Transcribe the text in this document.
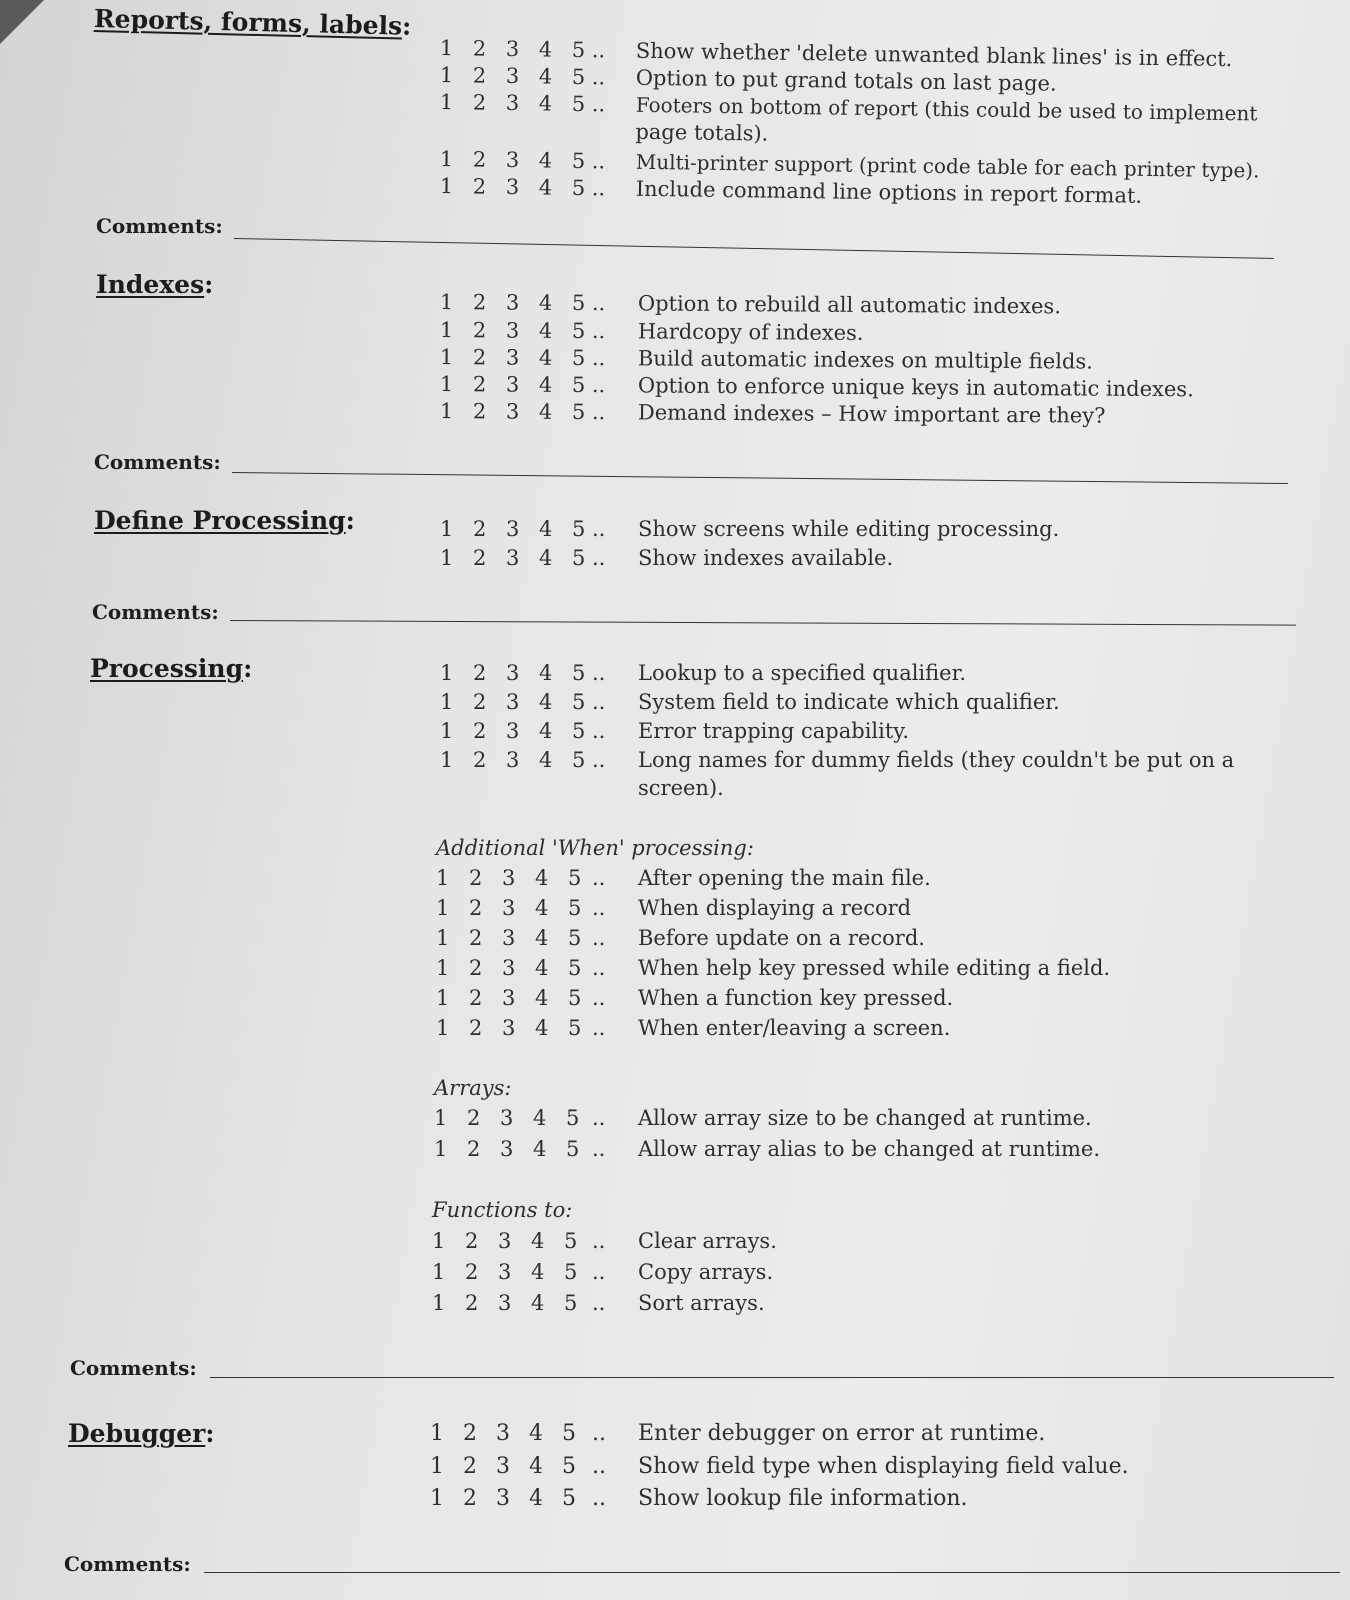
Reports, forms, labels:
1 2 3 4 5 .. Show whether 'delete unwanted blank lines' is in effect.
1 2 3 4 5 .. Option to put grand totals on last page.
1 2 3 4 5 .. Footers on bottom of report (this could be used to implement
page totals).
1 2 3 4 5 .. Multi-printer support (print code table for each printer type).
1 2 3 4 5 .. Include command line options in report format.
Comments:
Indexes:
1 2 3 4 5 .. Option to rebuild all automatic indexes.
1 2 3 4 5 .. Hardcopy of indexes.
1 2 3 4 5 .. Build automatic indexes on multiple fields.
1 2 3 4 5 .. Option to enforce unique keys in automatic indexes.
1 2 3 4 5 .. Demand indexes – How important are they?
Comments:
Define Processing:	1 2 3 4 5 .. Show screens while editing processing.
1 2 3 4 5 .. Show indexes available.
Comments:
Processing:	1 2 3 4 5 .. Lookup to a specified qualifier.
1 2 3 4 5 .. System field to indicate which qualifier.
1 2 3 4 5 .. Error trapping capability.
1 2 3 4 5 .. Long names for dummy fields (they couldn't be put on a
screen).
Additional 'When' processing:
1 2 3 4 5 .. After opening the main file.
1 2 3 4 5 .. When displaying a record
1 2 3 4 5 .. Before update on a record.
1 2 3 4 5 .. When help key pressed while editing a field.
1 2 3 4 5 .. When a function key pressed.
1 2 3 4 5 .. When enter/leaving a screen.
Arrays:
1 2 3 4 5 .. Allow array size to be changed at runtime.
1 2 3 4 5 .. Allow array alias to be changed at runtime.
Functions to:
1 2 3 4 5 .. Clear arrays.
1 2 3 4 5 .. Copy arrays.
1 2 3 4 5 .. Sort arrays.
Comments:
Debugger:	1 2 3 4 5 .. Enter debugger on error at runtime.
1 2 3 4 5 .. Show field type when displaying field value.
1 2 3 4 5 .. Show lookup file information.
Comments:
